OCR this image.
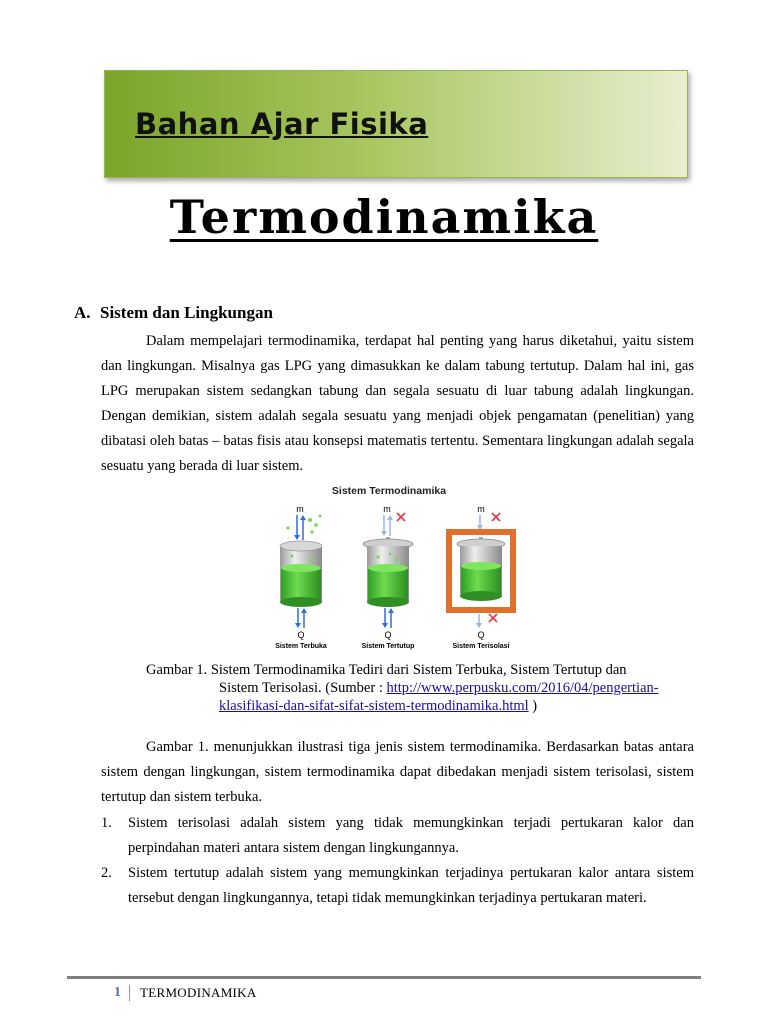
Bahan Ajar Fisika
Termodinamika
A. Sistem dan Lingkungan

Dalam mempelajari termodinamika, terdapat hal penting yang harus diketahui, yaitu sistem dan lingkungan. Misalnya gas LPG yang dimasukkan ke dalam tabung tertutup. Dalam hal ini, gas LPG merupakan sistem sedangkan tabung dan segala sesuatu di luar tabung adalah lingkungan. Dengan demikian, sistem adalah segala sesuatu yang menjadi objek pengamatan (penelitian) yang dibatasi oleh batas – batas fisis atau konsepsi matematis tertentu. Sementara lingkungan adalah segala sesuatu yang berada di luar sistem.

Sistem Termodinamika
m
Q
Sistem Terbuka
m
Q
Sistem Tertutup
m
Q
Sistem Terisolasi
Gambar 1. Sistem Termodinamika Tediri dari Sistem Terbuka, Sistem Tertutup dan
Sistem Terisolasi. (Sumber : http://www.perpusku.com/2016/04/pengertian-klasifikasi-dan-sifat-sifat-sistem-termodinamika.html )

Gambar 1. menunjukkan ilustrasi tiga jenis sistem termodinamika. Berdasarkan batas antara sistem dengan lingkungan, sistem termodinamika dapat dibedakan menjadi sistem terisolasi, sistem tertutup dan sistem terbuka.

1. Sistem terisolasi adalah sistem yang tidak memungkinkan terjadi pertukaran kalor dan perpindahan materi antara sistem dengan lingkungannya.
2. Sistem tertutup adalah sistem yang memungkinkan terjadinya pertukaran kalor antara sistem tersebut dengan lingkungannya, tetapi tidak memungkinkan terjadinya pertukaran materi.
1	TERMODINAMIKA
